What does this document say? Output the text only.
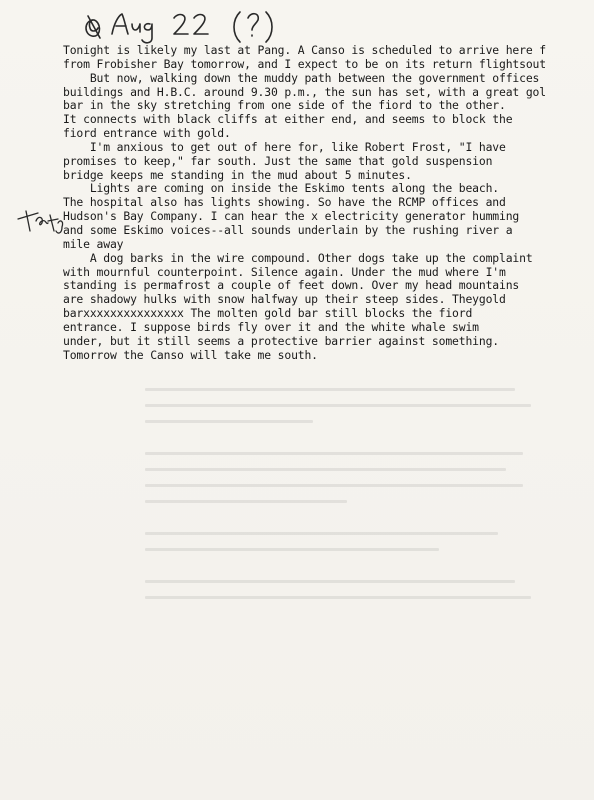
Tonight is likely my last at Pang. A Canso is scheduled to arrive here f
from Frobisher Bay tomorrow, and I expect to be on its return flightsout
But now, walking down the muddy path between the government offices
buildings and H.B.C. around 9.30 p.m., the sun has set, with a great gol
bar in the sky stretching from one side of the fiord to the other.
It connects with black cliffs at either end, and seems to block the
fiord entrance with gold.
I'm anxious to get out of here for, like Robert Frost, "I have
promises to keep," far south. Just the same that gold suspension
bridge keeps me standing in the mud about 5 minutes.
Lights are coming on inside the Eskimo tents along the beach.
The hospital also has lights showing. So have the RCMP offices and
Hudson's Bay Company. I can hear the x electricity generator humming
and some Eskimo voices--all sounds underlain by the rushing river a
mile away
A dog barks in the wire compound. Other dogs take up the complaint
with mournful counterpoint. Silence again. Under the mud where I'm
standing is permafrost a couple of feet down. Over my head mountains
are shadowy hulks with snow halfway up their steep sides. Theygold
barxxxxxxxxxxxxxxx The molten gold bar still blocks the fiord
entrance. I suppose birds fly over it and the white whale swim
under, but it still seems a protective barrier against something.
Tomorrow the Canso will take me south.
